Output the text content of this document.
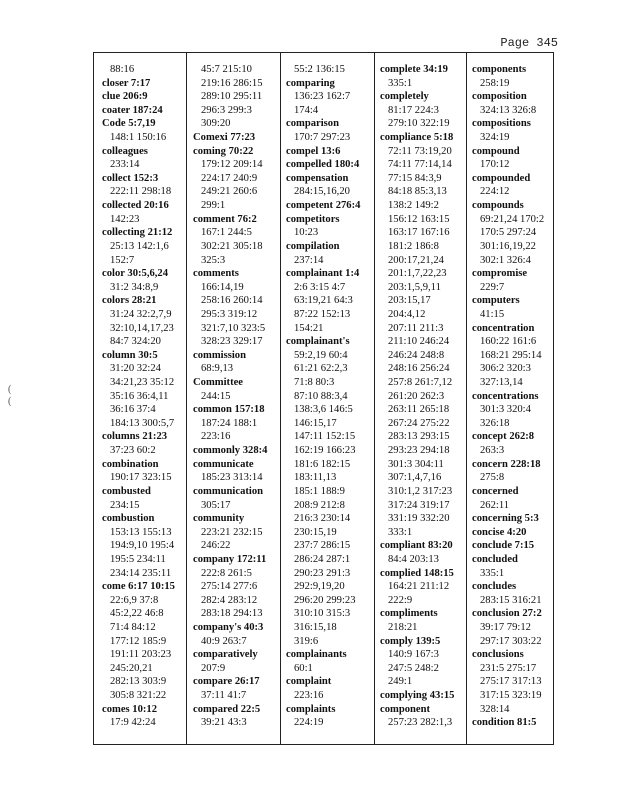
Page 345
(
(
88:16
closer 7:17
clue 206:9
coater 187:24
Code 5:7,19
148:1 150:16
colleagues
233:14
collect 152:3
222:11 298:18
collected 20:16
142:23
collecting 21:12
25:13 142:1,6
152:7
color 30:5,6,24
31:2 34:8,9
colors 28:21
31:24 32:2,7,9
32:10,14,17,23
84:7 324:20
column 30:5
31:20 32:24
34:21,23 35:12
35:16 36:4,11
36:16 37:4
184:13 300:5,7
columns 21:23
37:23 60:2
combination
190:17 323:15
combusted
234:15
combustion
153:13 155:13
194:9,10 195:4
195:5 234:11
234:14 235:11
come 6:17 10:15
22:6,9 37:8
45:2,22 46:8
71:4 84:12
177:12 185:9
191:11 203:23
245:20,21
282:13 303:9
305:8 321:22
comes 10:12
17:9 42:24
45:7 215:10
219:16 286:15
289:10 295:11
296:3 299:3
309:20
Comexi 77:23
coming 70:22
179:12 209:14
224:17 240:9
249:21 260:6
299:1
comment 76:2
167:1 244:5
302:21 305:18
325:3
comments
166:14,19
258:16 260:14
295:3 319:12
321:7,10 323:5
328:23 329:17
commission
68:9,13
Committee
244:15
common 157:18
187:24 188:1
223:16
commonly 328:4
communicate
185:23 313:14
communication
305:17
community
223:21 232:15
246:22
company 172:11
222:8 261:5
275:14 277:6
282:4 283:12
283:18 294:13
company's 40:3
40:9 263:7
comparatively
207:9
compare 26:17
37:11 41:7
compared 22:5
39:21 43:3
55:2 136:15
comparing
136:23 162:7
174:4
comparison
170:7 297:23
compel 13:6
compelled 180:4
compensation
284:15,16,20
competent 276:4
competitors
10:23
compilation
237:14
complainant 1:4
2:6 3:15 4:7
63:19,21 64:3
87:22 152:13
154:21
complainant's
59:2,19 60:4
61:21 62:2,3
71:8 80:3
87:10 88:3,4
138:3,6 146:5
146:15,17
147:11 152:15
162:19 166:23
181:6 182:15
183:11,13
185:1 188:9
208:9 212:8
216:3 230:14
230:15,19
237:7 286:15
286:24 287:1
290:23 291:3
292:9,19,20
296:20 299:23
310:10 315:3
316:15,18
319:6
complainants
60:1
complaint
223:16
complaints
224:19
complete 34:19
335:1
completely
81:17 224:3
279:10 322:19
compliance 5:18
72:11 73:19,20
74:11 77:14,14
77:15 84:3,9
84:18 85:3,13
138:2 149:2
156:12 163:15
163:17 167:16
181:2 186:8
200:17,21,24
201:1,7,22,23
203:1,5,9,11
203:15,17
204:4,12
207:11 211:3
211:10 246:24
246:24 248:8
248:16 256:24
257:8 261:7,12
261:20 262:3
263:11 265:18
267:24 275:22
283:13 293:15
293:23 294:18
301:3 304:11
307:1,4,7,16
310:1,2 317:23
317:24 319:17
331:19 332:20
333:1
compliant 83:20
84:4 203:13
complied 148:15
164:21 211:12
222:9
compliments
218:21
comply 139:5
140:9 167:3
247:5 248:2
249:1
complying 43:15
component
257:23 282:1,3
components
258:19
composition
324:13 326:8
compositions
324:19
compound
170:12
compounded
224:12
compounds
69:21,24 170:2
170:5 297:24
301:16,19,22
302:1 326:4
compromise
229:7
computers
41:15
concentration
160:22 161:6
168:21 295:14
306:2 320:3
327:13,14
concentrations
301:3 320:4
326:18
concept 262:8
263:3
concern 228:18
275:8
concerned
262:11
concerning 5:3
concise 4:20
conclude 7:15
concluded
335:1
concludes
283:15 316:21
conclusion 27:2
39:17 79:12
297:17 303:22
conclusions
231:5 275:17
275:17 317:13
317:15 323:19
328:14
condition 81:5
